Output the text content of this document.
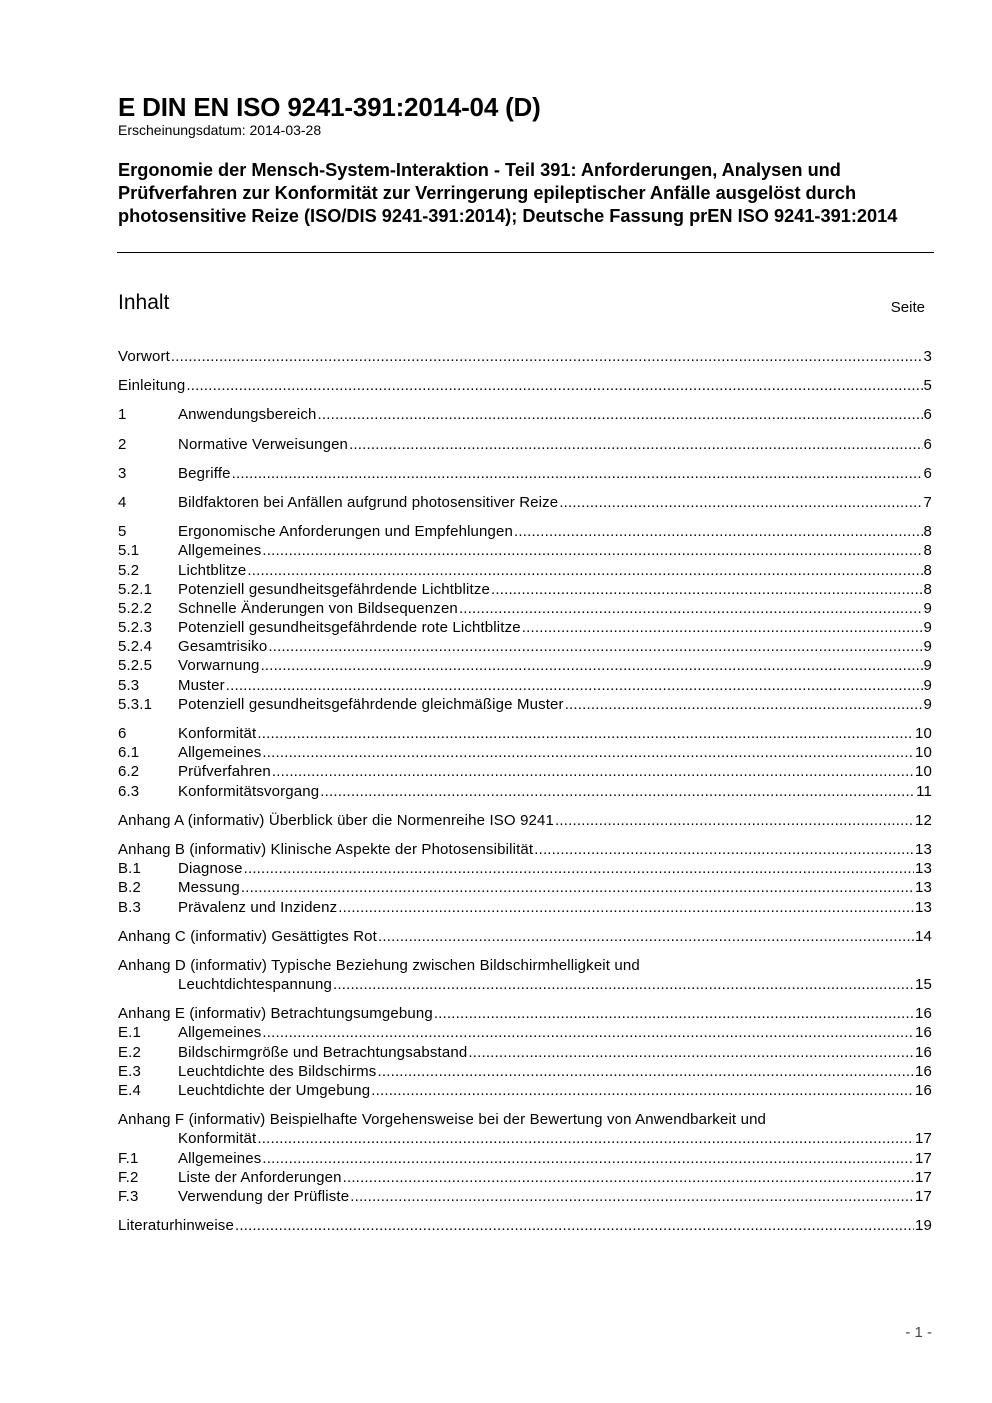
E DIN EN ISO 9241-391:2014-04 (D)
Erscheinungsdatum: 2014-03-28
Ergonomie der Mensch-System-Interaktion - Teil 391: Anforderungen, Analysen und Prüfverfahren zur Konformität zur Verringerung epileptischer Anfälle ausgelöst durch photosensitive Reize (ISO/DIS 9241-391:2014); Deutsche Fassung prEN ISO 9241-391:2014
Inhalt	Seite
Vorwort .....	3
Einleitung .....	5
1	Anwendungsbereich .....	6
2	Normative Verweisungen .....	6
3	Begriffe .....	6
4	Bildfaktoren bei Anfällen aufgrund photosensitiver Reize .....	7
5	Ergonomische Anforderungen und Empfehlungen .....	8
5.1	Allgemeines .....	8
5.2	Lichtblitze .....	8
5.2.1	Potenziell gesundheitsgefährdende Lichtblitze .....	8
5.2.2	Schnelle Änderungen von Bildsequenzen .....	9
5.2.3	Potenziell gesundheitsgefährdende rote Lichtblitze .....	9
5.2.4	Gesamtrisiko .....	9
5.2.5	Vorwarnung .....	9
5.3	Muster .....	9
5.3.1	Potenziell gesundheitsgefährdende gleichmäßige Muster .....	9
6	Konformität .....	10
6.1	Allgemeines .....	10
6.2	Prüfverfahren .....	10
6.3	Konformitätsvorgang .....	11
Anhang A (informativ) Überblick über die Normenreihe ISO 9241 .....	12
Anhang B (informativ) Klinische Aspekte der Photosensibilität .....	13
B.1	Diagnose .....	13
B.2	Messung .....	13
B.3	Prävalenz und Inzidenz .....	13
Anhang C (informativ) Gesättigtes Rot .....	14
Anhang D (informativ) Typische Beziehung zwischen Bildschirmhelligkeit und
Leuchtdichtespannung .....	15
Anhang E (informativ) Betrachtungsumgebung .....	16
E.1	Allgemeines .....	16
E.2	Bildschirmgröße und Betrachtungsabstand .....	16
E.3	Leuchtdichte des Bildschirms .....	16
E.4	Leuchtdichte der Umgebung .....	16
Anhang F (informativ) Beispielhafte Vorgehensweise bei der Bewertung von Anwendbarkeit und
Konformität .....	17
F.1	Allgemeines .....	17
F.2	Liste der Anforderungen .....	17
F.3	Verwendung der Prüfliste .....	17
Literaturhinweise .....	19
- 1 -
